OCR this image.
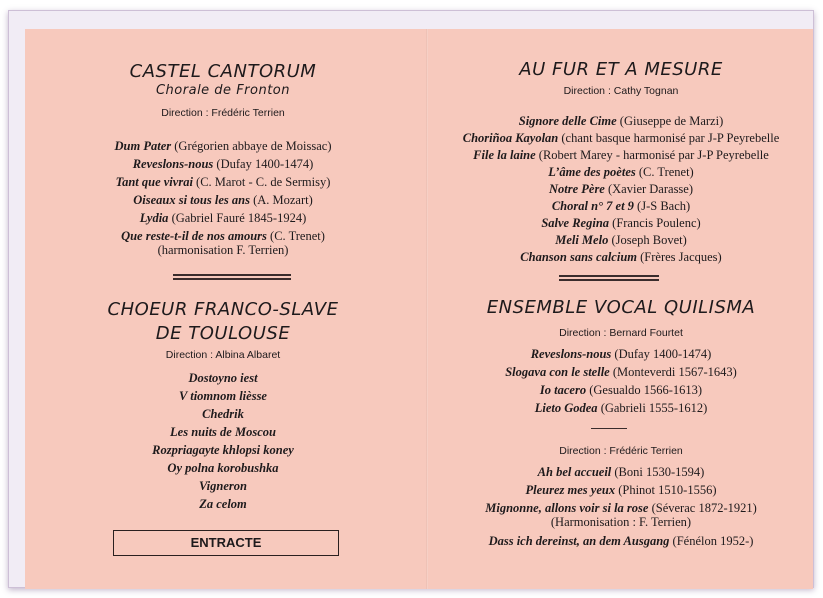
CASTEL CANTORUM
Chorale de Fronton
Direction : Frédéric Terrien
Dum Pater (Grégorien abbaye de Moissac)
Reveslons-nous (Dufay 1400-1474)
Tant que vivrai (C. Marot - C. de Sermisy)
Oiseaux si tous les ans (A. Mozart)
Lydia (Gabriel Fauré 1845-1924)
Que reste-t-il de nos amours (C. Trenet)
(harmonisation F. Terrien)
CHOEUR FRANCO-SLAVE
DE TOULOUSE
Direction : Albina Albaret
Dostoyno iest
V tiomnom lièsse
Chedrik
Les nuits de Moscou
Rozpriagayte khlopsi koney
Oy polna korobushka
Vigneron
Za celom
ENTRACTE
AU FUR ET A MESURE
Direction : Cathy Tognan
Signore delle Cime (Giuseppe de Marzi)
Choriñoa Kayolan (chant basque harmonisé par J-P Peyrebelle
File la laine (Robert Marey - harmonisé par J-P Peyrebelle
L’âme des poètes (C. Trenet)
Notre Père (Xavier Darasse)
Choral n° 7 et 9 (J-S Bach)
Salve Regina (Francis Poulenc)
Meli Melo (Joseph Bovet)
Chanson sans calcium (Frères Jacques)
ENSEMBLE VOCAL QUILISMA
Direction : Bernard Fourtet
Reveslons-nous (Dufay 1400-1474)
Slogava con le stelle (Monteverdi 1567-1643)
Io tacero (Gesualdo 1566-1613)
Lieto Godea (Gabrieli 1555-1612)
Direction : Frédéric Terrien
Ah bel accueil (Boni 1530-1594)
Pleurez mes yeux (Phinot 1510-1556)
Mignonne, allons voir si la rose (Séverac 1872-1921)
(Harmonisation : F. Terrien)
Dass ich dereinst, an dem Ausgang (Fénélon 1952-)
